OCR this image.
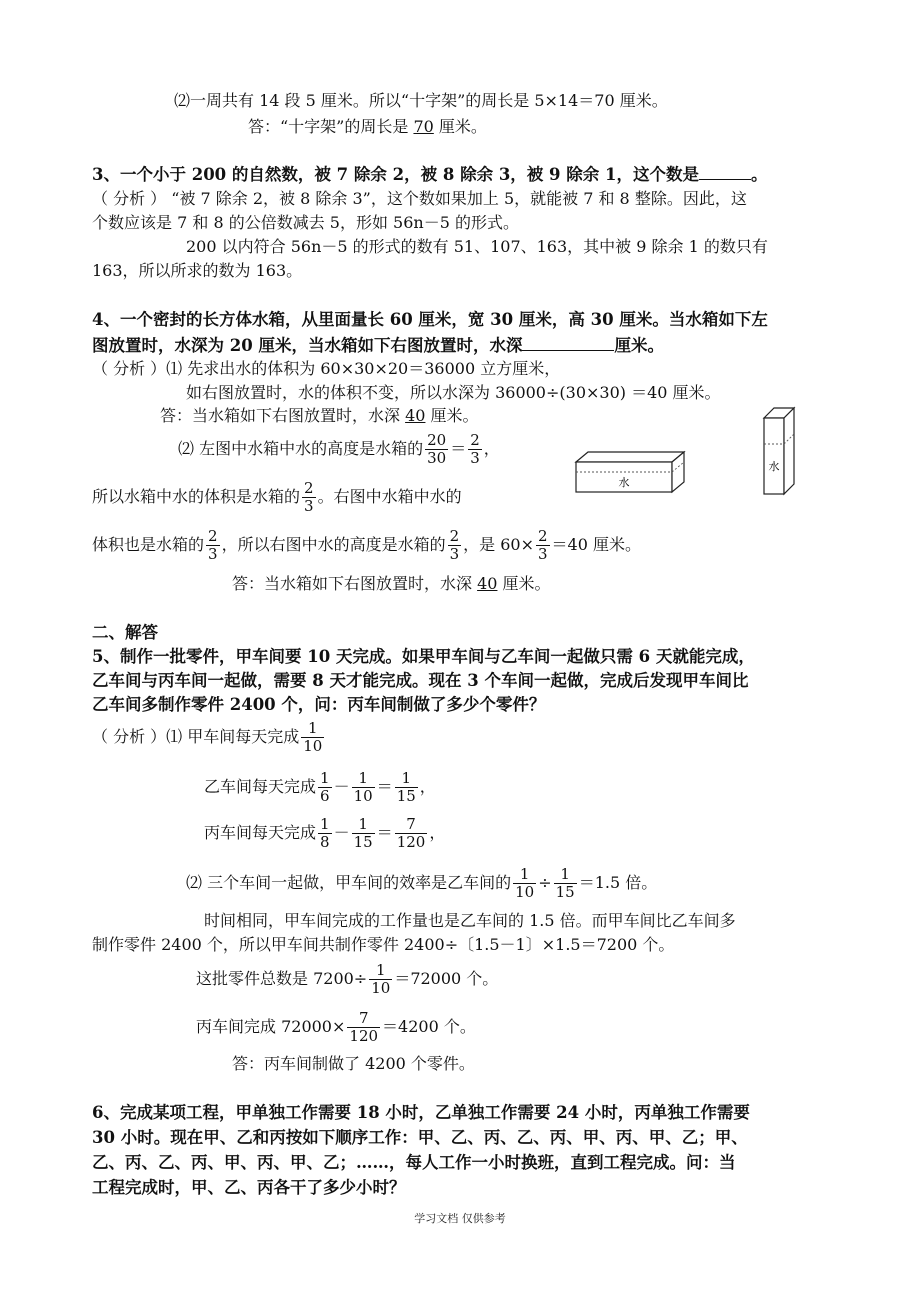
⑵一周共有 14 段 5 厘米。所以“十字架”的周长是 5×14＝70 厘米。
答：“十字架”的周长是 70 厘米。
3、一个小于 200 的自然数，被 7 除余 2，被 8 除余 3，被 9 除余 1，这个数是	。
（ 分析 ） “被 7 除余 2，被 8 除余 3”，这个数如果加上 5，就能被 7 和 8 整除。因此，这
个数应该是 7 和 8 的公倍数减去 5，形如 56n－5 的形式。
200 以内符合 56n－5 的形式的数有 51、107、163，其中被 9 除余 1 的数只有
163，所以所求的数为 163。
4、一个密封的长方体水箱，从里面量长 60 厘米，宽 30 厘米，高 30 厘米。当水箱如下左
图放置时，水深为 20 厘米，当水箱如下右图放置时，水深	厘米。
（ 分析 ）⑴ 先求出水的体积为 60×30×20＝36000 立方厘米，
如右图放置时，水的体积不变，所以水深为 36000÷(30×30) ＝40 厘米。
答：当水箱如下右图放置时，水深 40 厘米。
⑵ 左图中水箱中水的高度是水箱的 $\frac{20}{30} = \frac{2}{3}$ ，
所以水箱中水的体积是水箱的 $\frac{2}{3}$ 。右图中水箱中水的
体积也是水箱的 $\frac{2}{3}$ ，所以右图中水的高度是水箱的 $\frac{2}{3}$ ，是 $60\times \frac{2}{3} =40$ 厘米。
答：当水箱如下右图放置时，水深 40 厘米。
水
水
二、解答
5、制作一批零件，甲车间要 10 天完成。如果甲车间与乙车间一起做只需 6 天就能完成，
乙车间与丙车间一起做，需要 8 天才能完成。现在 3 个车间一起做，完成后发现甲车间比
乙车间多制作零件 2400 个，问：丙车间制做了多少个零件？
（ 分析 ）⑴ 甲车间每天完成 $\frac{1}{10}$
乙车间每天完成 $\frac{1}{6} - \frac{1}{10} = \frac{1}{15}$ ，
丙车间每天完成 $\frac{1}{8} - \frac{1}{15} = \frac{7}{120}$ ，
⑵ 三个车间一起做，甲车间的效率是乙车间的 $\frac{1}{10} \div \frac{1}{15} =1.5$ 倍。
时间相同，甲车间完成的工作量也是乙车间的 1.5 倍。而甲车间比乙车间多
制作零件 2400 个，所以甲车间共制作零件 2400÷〔1.5－1〕×1.5＝7200 个。
这批零件总数是 $7200\div \frac{1}{10} =72000$ 个。
丙车间完成 $72000\times \frac{7}{120} =4200$ 个。
答：丙车间制做了 4200 个零件。
6、完成某项工程，甲单独工作需要 18 小时，乙单独工作需要 24 小时，丙单独工作需要
30 小时。现在甲、乙和丙按如下顺序工作：甲、乙、丙、乙、丙、甲、丙、甲、乙；甲、
乙、丙、乙、丙、甲、丙、甲、乙；……，每人工作一小时换班，直到工程完成。问：当
工程完成时，甲、乙、丙各干了多少小时？
学习文档 仅供参考
